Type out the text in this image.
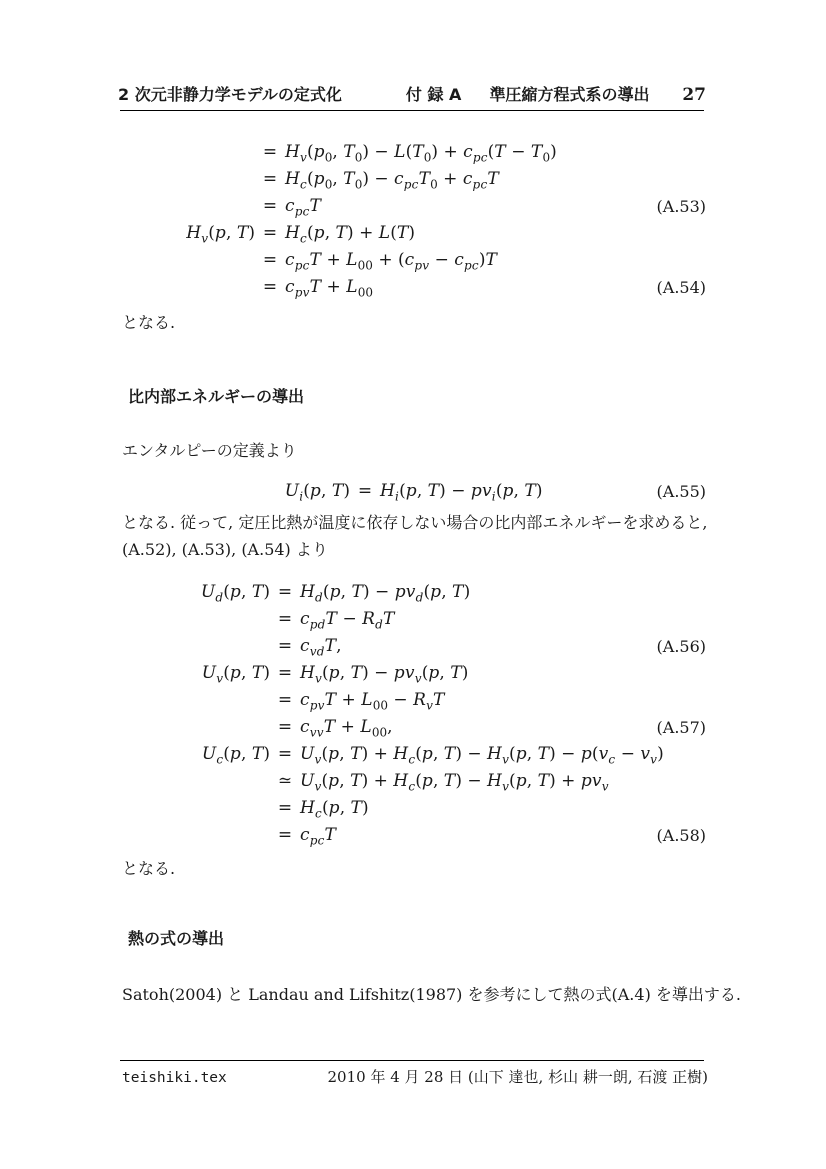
2 次元非静力学モデルの定式化	付 録 A 準圧縮方程式系の導出 27
= $H_v(p_0$, $T_0) - L(T_0) + c_{pc}(T - T_0)$
= $H_c(p_0$, $T_0) - c_{pc}T_0 + c_{pc}T$
= $c_{pc}T$	(A.53)
$H_v(p$, $T) = H_c(p$, T) + L(T)
= $c_{pc}T + L_{00} + (c_{pv} - c_{pc})T$
= $c_{pv}T + L_{00}$	(A.54)
となる.
比内部エネルギーの導出
エンタルピーの定義より
$U_i(p$, $T) = H_i(p$, $T) - pv_i(p$, T)	(A.55)
となる. 従って, 定圧比熱が温度に依存しない場合の比内部エネルギーを求めると,
(A.52), (A.53), (A.54) より
$U_d(p$, $T) = H_d(p$, $T) - pv_d(p$, T)
= $c_{pd}T - R_dT$
= $c_{vd}T$,	(A.56)
$U_v(p$, $T) = H_v(p$, $T) - pv_v(p$, T)
= $c_{pv}T + L_{00} - R_vT$
= $c_{vv}T + L_{00}$,	(A.57)
$U_c(p$, $T) = U_v(p$, $T) + H_c(p$, $T) - H_v(p$, $T) - p(v_c - v_v)$
≃ $U_v(p$, $T) + H_c(p$, $T) - H_v(p$, $T) + pv_v$
= $H_c(p$, T)
= $c_{pc}T$	(A.58)
となる.
熱の式の導出
Satoh(2004) と Landau and Lifshitz(1987) を参考にして熱の式(A.4) を導出する.
teishiki.tex	2010 年 4 月 28 日 (山下 達也, 杉山 耕一朗, 石渡 正樹)
